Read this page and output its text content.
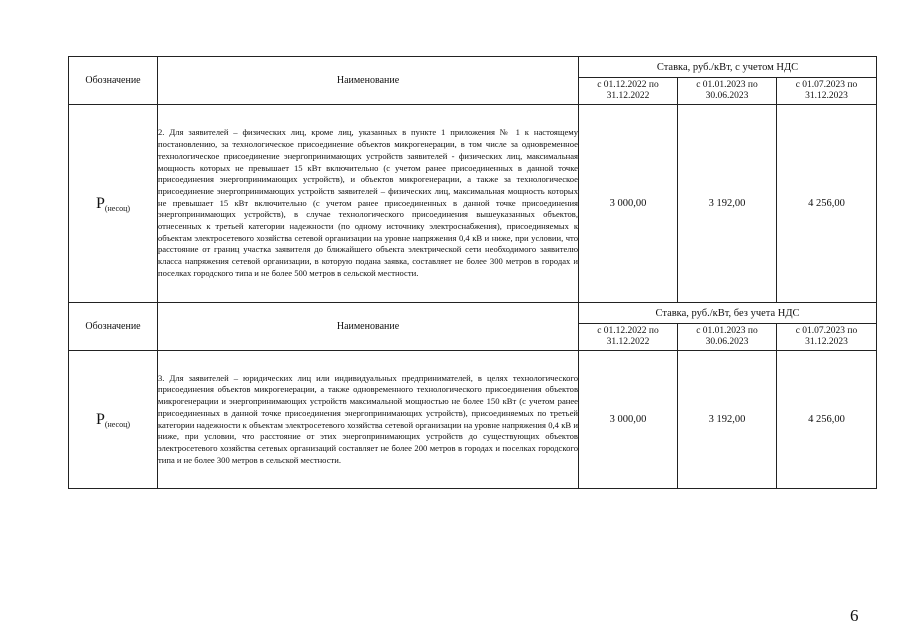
Обозначение	Наименование	Ставка, руб./кВт, с учетом НДС		
		с 01.12.2022 по 31.12.2022	с 01.01.2023 по 30.06.2023	с 01.07.2023 по 31.12.2023
$P_{(несоц)}$	2. Для заявителей – физических лиц, кроме лиц, указанных в пункте 1 приложения № 1 к настоящему постановлению, за технологическое присоединение объектов микрогенерации, в том числе за одновременное технологическое присоединение энергопринимающих устройств заявителей - физических лиц, максимальная мощность которых не превышает 15 кВт включительно (с учетом ранее присоединенных в данной точке присоединения энергопринимающих устройств), и объектов микрогенерации, а также за технологическое присоединение энергопринимающих устройств заявителей – физических лиц, максимальная мощность которых не превышает 15 кВт включительно (с учетом ранее присоединенных в данной точке присоединения энергопринимающих устройств), в случае технологического присоединения вышеуказанных объектов, отнесенных к третьей категории надежности (по одному источнику электроснабжения), присоединяемых к объектам электросетевого хозяйства сетевой организации на уровне напряжения 0,4 кВ и ниже, при условии, что расстояние от границ участка заявителя до ближайшего объекта электрической сети необходимого заявителю класса напряжения сетевой организации, в которую подана заявка, составляет не более 300 метров в городах и поселках городского типа и не более 500 метров в сельской местности.	3 000,00	3 192,00	4 256,00
Обозначение	Наименование	Ставка, руб./кВт, без учета НДС		
		с 01.12.2022 по 31.12.2022	с 01.01.2023 по 30.06.2023	с 01.07.2023 по 31.12.2023
$P_{(несоц)}$	3. Для заявителей – юридических лиц или индивидуальных предпринимателей, в целях технологического присоединения объектов микрогенерации, а также одновременного технологического присоединения объектов микрогенерации и энергопринимающих устройств максимальной мощностью не более 150 кВт (с учетом ранее присоединенных в данной точке присоединения энергопринимающих устройств), присоединяемых по третьей категории надежности к объектам электросетевого хозяйства сетевой организации на уровне напряжения 0,4 кВ и ниже, при условии, что расстояние от этих энергопринимающих устройств до существующих объектов электросетевого хозяйства сетевых организаций составляет не более 200 метров в городах и поселках городского типа и не более 300 метров в сельской местности.	3 000,00	3 192,00	4 256,00
6
